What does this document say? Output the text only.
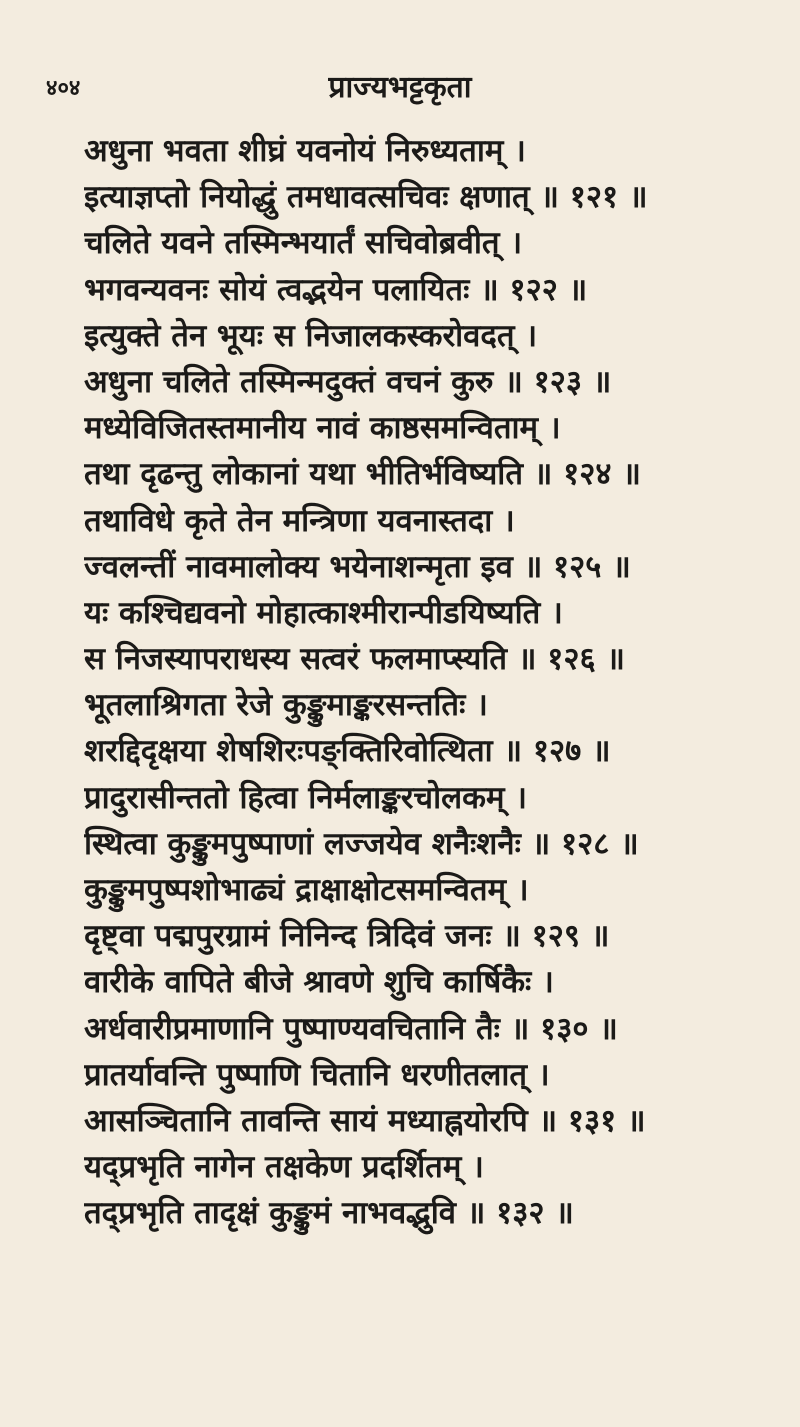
४०४	प्राज्यभट्टकृता
अधुना भवता शीघ्रं यवनोयं निरुध्यताम् ।
इत्याज्ञप्तो नियोद्धुं तमधावत्सचिवः क्षणात् ॥ १२१ ॥
चलिते यवने तस्मिन्भयार्तं सचिवोब्रवीत् ।
भगवन्यवनः सोयं त्वद्भयेन पलायितः ॥ १२२ ॥
इत्युक्ते तेन भूयः स निजालकस्करोवदत् ।
अधुना चलिते तस्मिन्मदुक्तं वचनं कुरु ॥ १२३ ॥
मध्येविजितस्तमानीय नावं काष्ठसमन्विताम् ।
तथा दृढन्तु लोकानां यथा भीतिर्भविष्यति ॥ १२४ ॥
तथाविधे कृते तेन मन्त्रिणा यवनास्तदा ।
ज्वलन्तीं नावमालोक्य भयेनाशन्मृता इव ॥ १२५ ॥
यः कश्चिद्यवनो मोहात्काश्मीरान्पीडयिष्यति ।
स निजस्यापराधस्य सत्वरं फलमाप्स्यति ॥ १२६ ॥
भूतलाश्रिगता रेजे कुङ्कुमाङ्करसन्ततिः ।
शरद्दिदृक्षया शेषशिरःपङ्क्तिरिवोत्थिता ॥ १२७ ॥
प्रादुरासीन्ततो हित्वा निर्मलाङ्करचोलकम् ।
स्थित्वा कुङ्कुमपुष्पाणां लज्जयेव शनैःशनैः ॥ १२८ ॥
कुङ्कुमपुष्पशोभाढ्यं द्राक्षाक्षोटसमन्वितम् ।
दृष्ट्वा पद्मपुरग्रामं निनिन्द त्रिदिवं जनः ॥ १२९ ॥
वारीके वापिते बीजे श्रावणे शुचि कार्षिकैः ।
अर्धवारीप्रमाणानि पुष्पाण्यवचितानि तैः ॥ १३० ॥
प्रातर्यावन्ति पुष्पाणि चितानि धरणीतलात् ।
आसञ्चितानि तावन्ति सायं मध्याह्नयोरपि ॥ १३१ ॥
यद्प्रभृति नागेन तक्षकेण प्रदर्शितम् ।
तद्प्रभृति तादृक्षं कुङ्कुमं नाभवद्भुवि ॥ १३२ ॥
